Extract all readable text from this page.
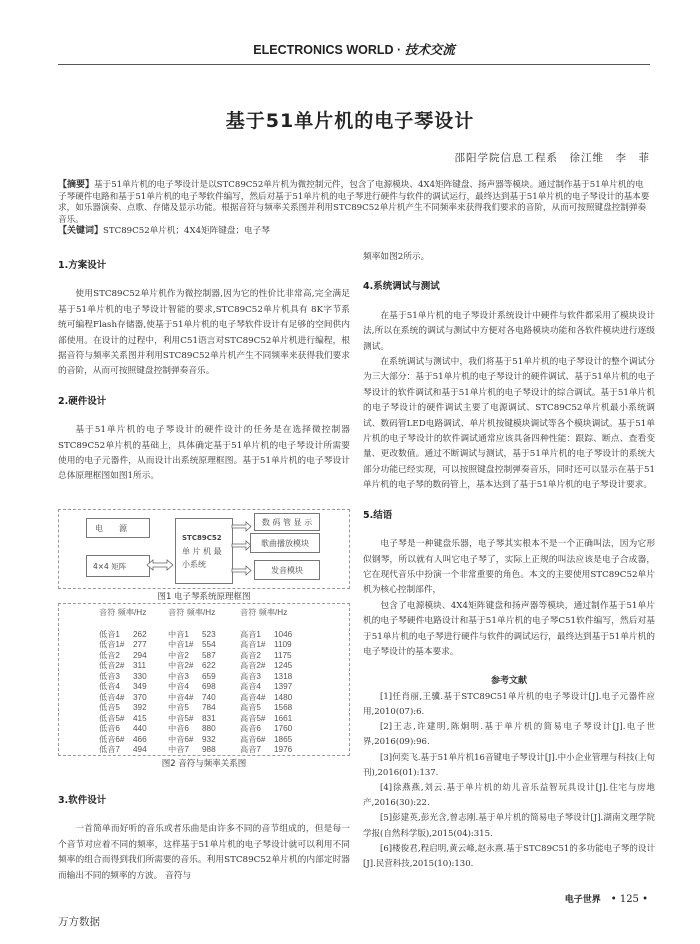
ELECTRONICS WORLD · 技术交流
基于51单片机的电子琴设计
邵阳学院信息工程系　徐江维　李　菲
【摘要】基于51单片机的电子琴设计是以STC89C52单片机为微控制元件，包含了电源模块、4X4矩阵键盘、扬声器等模块。通过制作基于51单片机的电子琴硬件电路和基于51单片机的电子琴软件编写，然后对基于51单片机的电子琴进行硬件与软件的调试运行，最终达到基于51单片机的电子琴设计的基本要求，如乐器演奏、点歌、存储及显示功能。根据音符与频率关系图并利用STC89C52单片机产生不同频率来获得我们要求的音阶，从而可按照键盘控制弹奏音乐。
【关键词】STC89C52单片机；4X4矩阵键盘；电子琴

1.方案设计

使用STC89C52单片机作为微控制器,因为它的性价比非常高,完全满足基于51单片机的电子琴设计智能的要求,STC89C52单片机具有 8K字节系统可编程Flash存储器,使基于51单片机的电子琴软件设计有足够的空间供内部使用。在设计的过程中，利用C51语言对STC89C52单片机进行编程，根据音符与频率关系图并利用STC89C52单片机产生不同频率来获得我们要求的音阶，从而可按照键盘控制弹奏音乐。

2.硬件设计

基于51单片机的电子琴设计的硬件设计的任务是在选择微控制器STC89C52单片机的基础上，具体确定基于51单片机的电子琴设计所需要使用的电子元器件，从而设计出系统原理框图。基于51单片机的电子琴设计总体原理框图如图1所示。

电　　源
4×4 矩阵
STC89C52
单 片 机 最
小系统
数 码 管 显 示
歌曲播放模块
发音模块
图1 电子琴系统原理框图
音符 频率/Hz
低音1	262
低音1#	277
低音2	294
低音2#	311
低音3	330
低音4	349
低音4#	370
低音5	392
低音5#	415
低音6	440
低音6#	466
低音7	494
音符 频率/Hz
中音1	523
中音1#	554
中音2	587
中音2#	622
中音3	659
中音4	698
中音4#	740
中音5	784
中音5#	831
中音6	880
中音6#	932
中音7	988
音符 频率/Hz
高音1	1046
高音1#	1109
高音2	1175
高音2#	1245
高音3	1318
高音4	1397
高音4#	1480
高音5	1568
高音5#	1661
高音6	1760
高音6#	1865
高音7	1976
图2 音符与频率关系图

3.软件设计

一首简单而好听的音乐或者乐曲是由许多不同的音节组成的，但是每一个音节对应着不同的频率，这样基于51单片机的电子琴设计就可以利用不同频率的组合而得到我们所需要的音乐。利用STC89C52单片机的内部定时器而输出不同的频率的方波。 音符与

频率如图2所示。

4.系统调试与测试

在基于51单片机的电子琴设计系统设计中硬件与软件都采用了模块设计法,所以在系统的调试与测试中方便对各电路模块功能和各软件模块进行逐级测试。

在系统调试与测试中，我们将基于51单片机的电子琴设计的整个调试分为三大部分：基于51单片机的电子琴设计的硬件调试、基于51单片机的电子琴设计的软件调试和基于51单片机的电子琴设计的综合调试。基于51单片机的电子琴设计的硬件调试主要了电源调试、STC89C52单片机最小系统调试、数码管LED电路调试、单片机按键模块调试等各个模块调试。基于51单片机的电子琴设计的软件调试通常应该具备四种性能：跟踪、断点、查看变量、更改数值。通过不断调试与测试，基于51单片机的电子琴设计的系统大部分功能已经实现，可以按照键盘控制弹奏音乐，同时还可以显示在基于51单片机的电子琴的数码管上，基本达到了基于51单片机的电子琴设计要求。

5.结语

电子琴是一种键盘乐器，电子琴其实根本不是一个正确叫法，因为它形似钢琴，所以就有人叫它电子琴了，实际上正规的叫法应该是电子合成器，它在现代音乐中扮演一个非常重要的角色。本文的主要使用STC89C52单片机为核心控制部件，

包含了电源模块、4X4矩阵键盘和扬声器等模块，通过制作基于51单片机的电子琴硬件电路设计和基于51单片机的电子琴C51软件编写，然后对基于51单片机的电子琴进行硬件与软件的调试运行，最终达到基于51单片机的电子琴设计的基本要求。

参考文献

[1]任肖丽,王骥.基于STC89C51单片机的电子琴设计[J].电子元器件应用,2010(07):6.

[2]王志,许建明,陈炯明.基于单片机的简易电子琴设计[J].电子世界,2016(09):96.

[3]何奕飞.基于51单片机16音键电子琴设计[J].中小企业管理与科技(上旬刊),2016(01):137.

[4]徐燕燕,刘云.基于单片机的幼儿音乐益智玩具设计[J].住宅与房地产,2016(30):22.

[5]彭建英,彭光含,曾志刚.基于单片机的简易电子琴设计[J].湖南文理学院学报(自然科学版),2015(04):315.

[6]楼俊君,程启明,黄云峰,赵永熹.基于STC89C51的多功能电子琴的设计[J].民营科技,2015(10):130.

电子世界 • 125 •
万方数据
